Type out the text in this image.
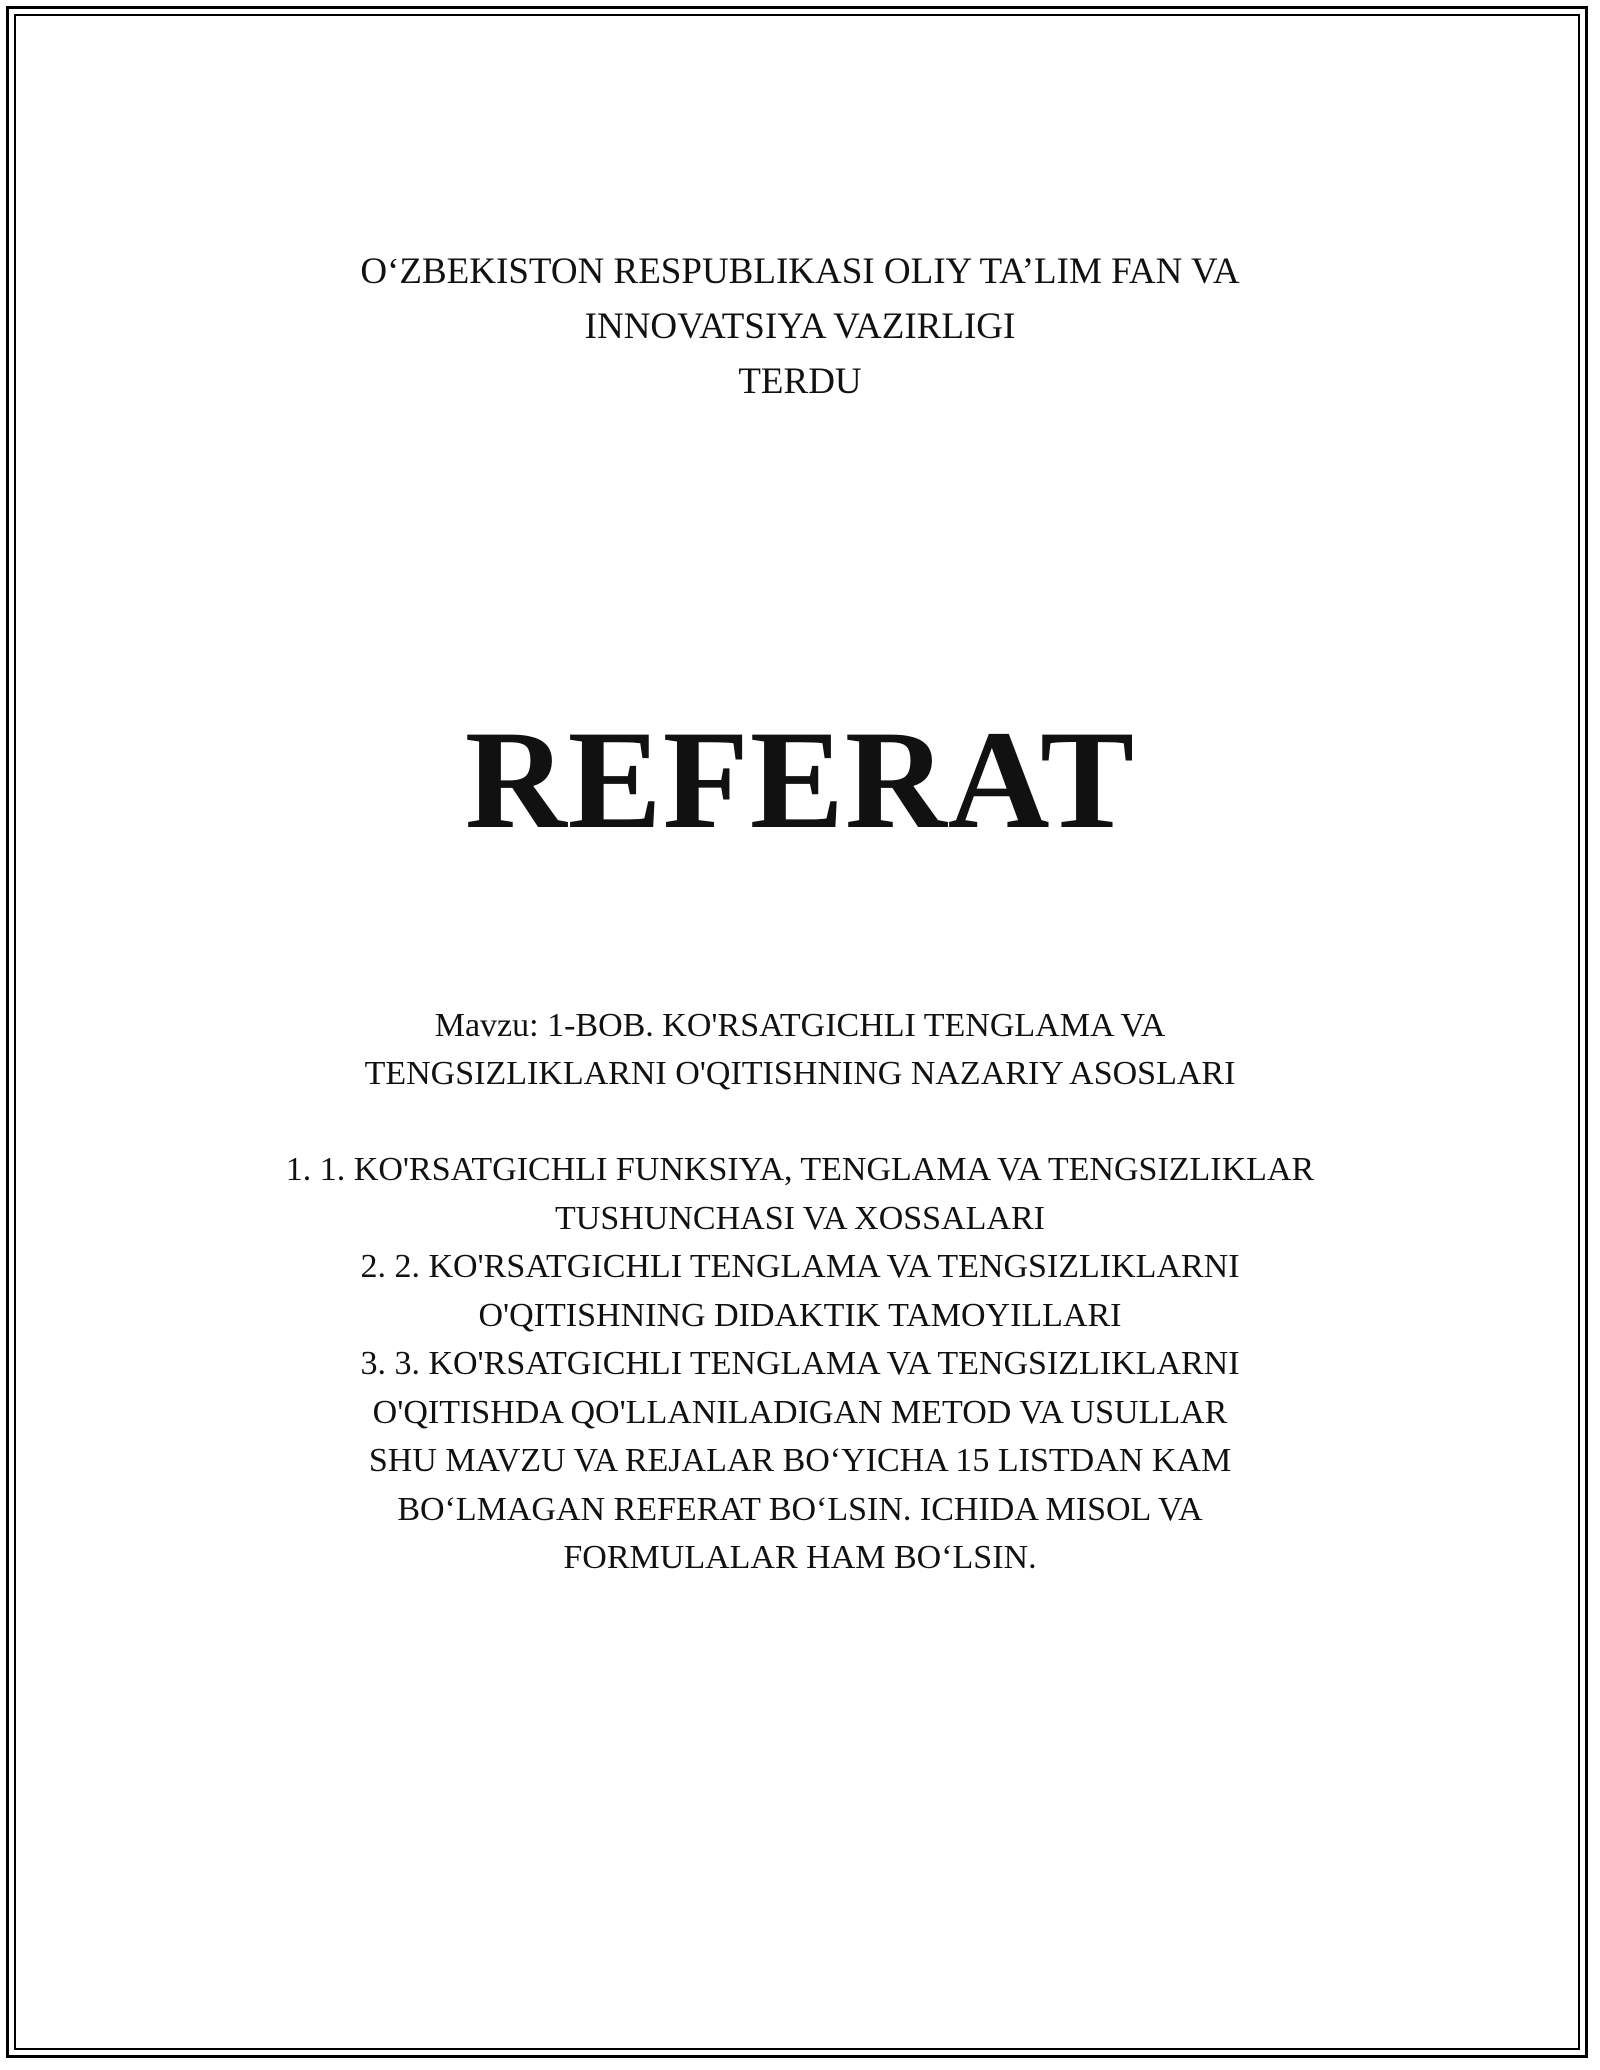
O‘ZBEKISTON RESPUBLIKASI OLIY TA’LIM FAN VA
INNOVATSIYA VAZIRLIGI
TERDU
REFERAT
Mavzu: 1-BOB. KO'RSATGICHLI TENGLAMA VA
TENGSIZLIKLARNI O'QITISHNING NAZARIY ASOSLARI
1. 1. KO'RSATGICHLI FUNKSIYA, TENGLAMA VA TENGSIZLIKLAR
TUSHUNCHASI VA XOSSALARI
2. 2. KO'RSATGICHLI TENGLAMA VA TENGSIZLIKLARNI
O'QITISHNING DIDAKTIK TAMOYILLARI
3. 3. KO'RSATGICHLI TENGLAMA VA TENGSIZLIKLARNI
O'QITISHDA QO'LLANILADIGAN METOD VA USULLAR
SHU MAVZU VA REJALAR BO‘YICHA 15 LISTDAN KAM
BO‘LMAGAN REFERAT BO‘LSIN. ICHIDA MISOL VA
FORMULALAR HAM BO‘LSIN.
